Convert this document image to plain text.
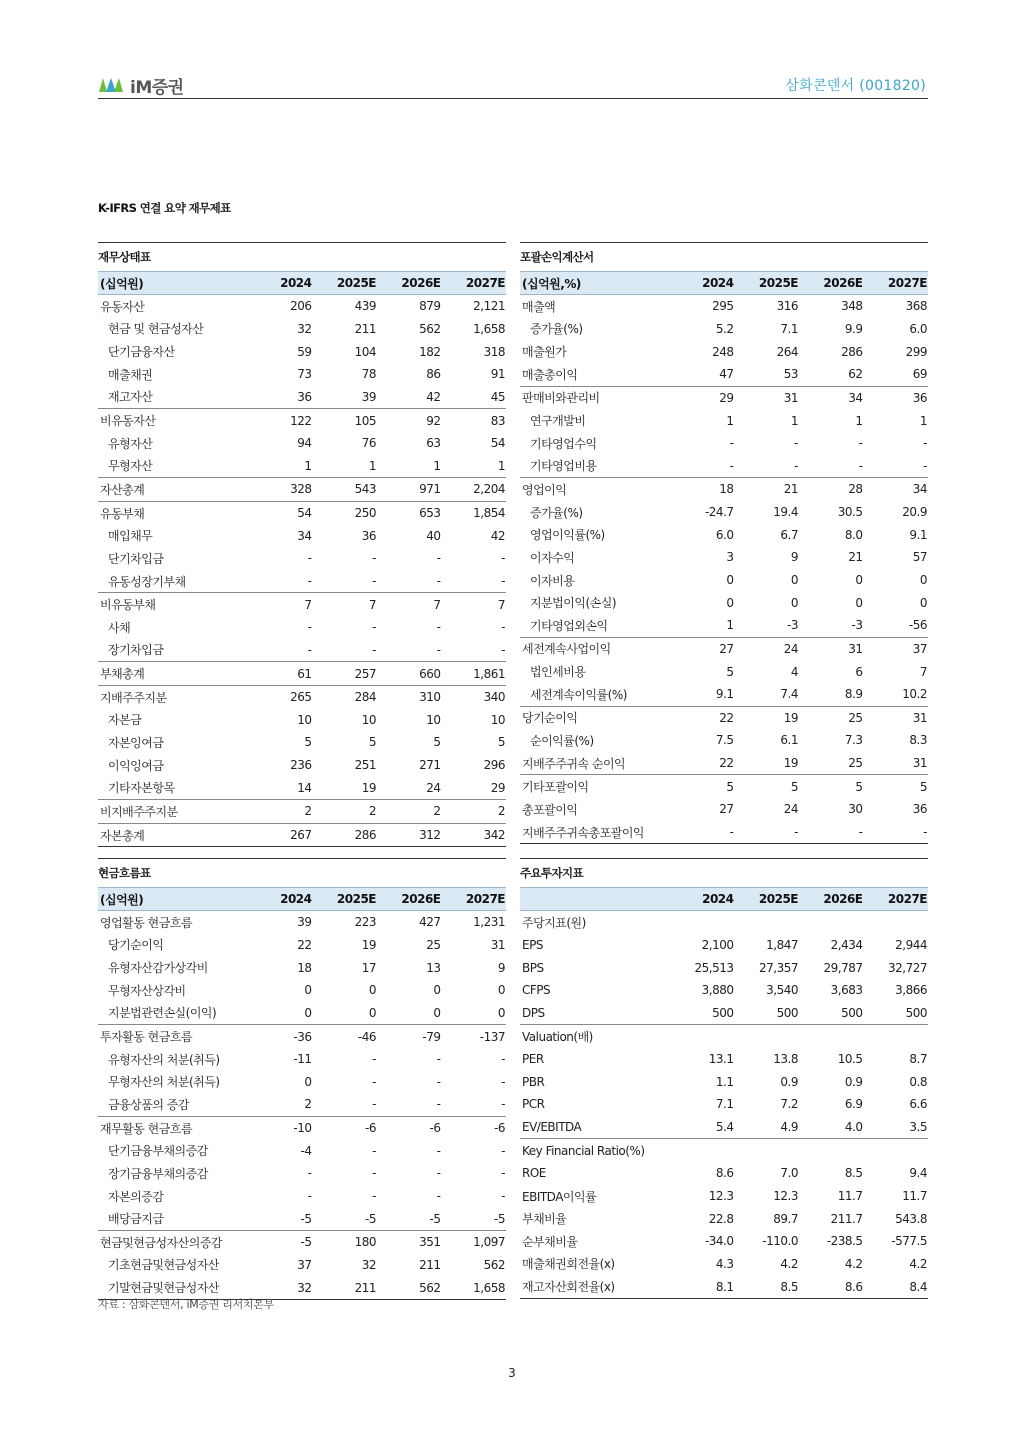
iM증권	삼화콘덴서 (001820)
K-IFRS 연결 요약 재무제표
재무상태표
(십억원)	2024	2025E	2026E	2027E
유동자산	206	439	879	2,121
현금 및 현금성자산	32	211	562	1,658
단기금융자산	59	104	182	318
매출채권	73	78	86	91
재고자산	36	39	42	45
비유동자산	122	105	92	83
유형자산	94	76	63	54
무형자산	1	1	1	1
자산총계	328	543	971	2,204
유동부채	54	250	653	1,854
매입채무	34	36	40	42
단기차입금	-	-	-	-
유동성장기부채	-	-	-	-
비유동부채	7	7	7	7
사채	-	-	-	-
장기차입금	-	-	-	-
부채총계	61	257	660	1,861
지배주주지분	265	284	310	340
자본금	10	10	10	10
자본잉여금	5	5	5	5
이익잉여금	236	251	271	296
기타자본항목	14	19	24	29
비지배주주지분	2	2	2	2
자본총계	267	286	312	342
포괄손익계산서
(십억원,%)	2024	2025E	2026E	2027E
매출액	295	316	348	368
증가율(%)	5.2	7.1	9.9	6.0
매출원가	248	264	286	299
매출총이익	47	53	62	69
판매비와관리비	29	31	34	36
연구개발비	1	1	1	1
기타영업수익	-	-	-	-
기타영업비용	-	-	-	-
영업이익	18	21	28	34
증가율(%)	-24.7	19.4	30.5	20.9
영업이익률(%)	6.0	6.7	8.0	9.1
이자수익	3	9	21	57
이자비용	0	0	0	0
지분법이익(손실)	0	0	0	0
기타영업외손익	1	-3	-3	-56
세전계속사업이익	27	24	31	37
법인세비용	5	4	6	7
세전계속이익률(%)	9.1	7.4	8.9	10.2
당기순이익	22	19	25	31
순이익률(%)	7.5	6.1	7.3	8.3
지배주주귀속 순이익	22	19	25	31
기타포괄이익	5	5	5	5
총포괄이익	27	24	30	36
지배주주귀속총포괄이익	-	-	-	-
현금흐름표
(십억원)	2024	2025E	2026E	2027E
영업활동 현금흐름	39	223	427	1,231
당기순이익	22	19	25	31
유형자산감가상각비	18	17	13	9
무형자산상각비	0	0	0	0
지분법관련손실(이익)	0	0	0	0
투자활동 현금흐름	-36	-46	-79	-137
유형자산의 처분(취득)	-11	-	-	-
무형자산의 처분(취득)	0	-	-	-
금융상품의 증감	2	-	-	-
재무활동 현금흐름	-10	-6	-6	-6
단기금융부채의증감	-4	-	-	-
장기금융부채의증감	-	-	-	-
자본의증감	-	-	-	-
배당금지급	-5	-5	-5	-5
현금및현금성자산의증감	-5	180	351	1,097
기초현금및현금성자산	37	32	211	562
기말현금및현금성자산	32	211	562	1,658
주요투자지표
	2024	2025E	2026E	2027E
주당지표(원)				
EPS	2,100	1,847	2,434	2,944
BPS	25,513	27,357	29,787	32,727
CFPS	3,880	3,540	3,683	3,866
DPS	500	500	500	500
Valuation(배)				
PER	13.1	13.8	10.5	8.7
PBR	1.1	0.9	0.9	0.8
PCR	7.1	7.2	6.9	6.6
EV/EBITDA	5.4	4.9	4.0	3.5
Key Financial Ratio(%)				
ROE	8.6	7.0	8.5	9.4
EBITDA이익률	12.3	12.3	11.7	11.7
부채비율	22.8	89.7	211.7	543.8
순부채비율	-34.0	-110.0	-238.5	-577.5
매출채권회전율(x)	4.3	4.2	4.2	4.2
재고자산회전율(x)	8.1	8.5	8.6	8.4
자료 : 삼화콘덴서, iM증권 리서치본부
3
